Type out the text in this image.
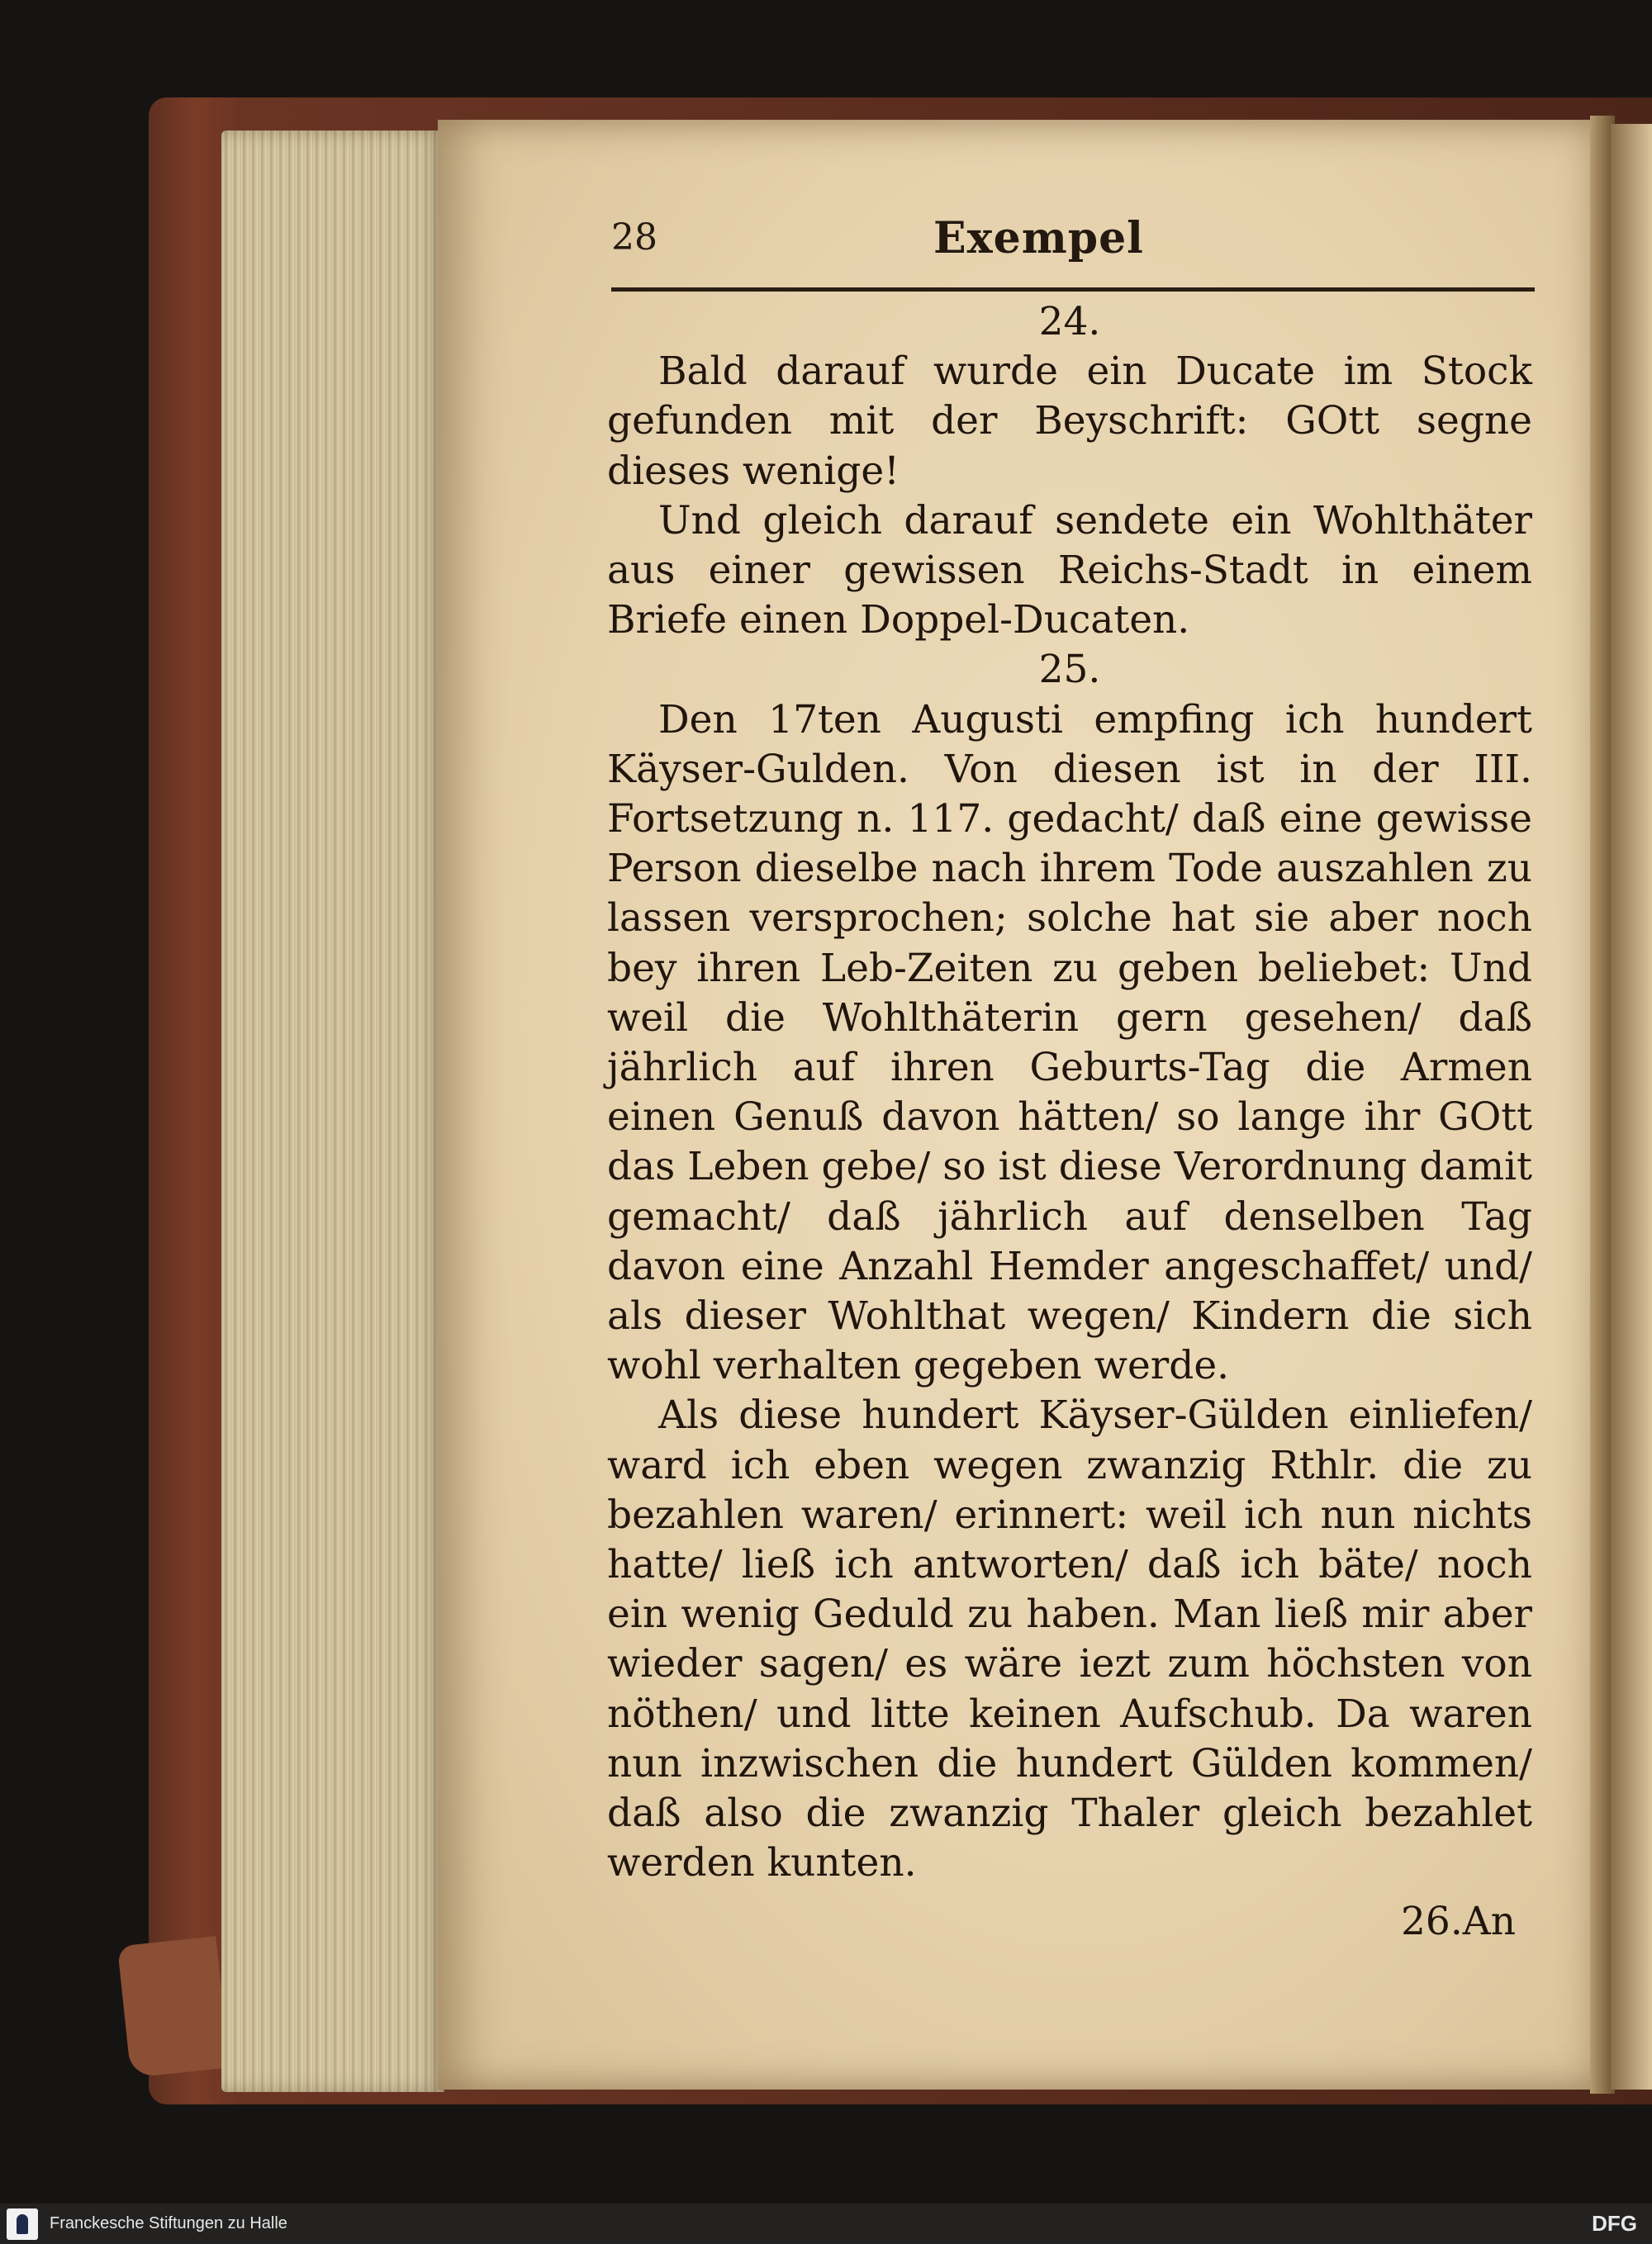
28	Exempel

24.

Bald darauf wurde ein Ducate im Stock gefunden mit der Beyschrift: GOtt segne dieses wenige!

Und gleich darauf sendete ein Wohlthäter aus einer gewissen Reichs-Stadt in einem Briefe einen Doppel-Ducaten.

25.

Den 17ten Augusti empfing ich hundert Käyser-Gulden. Von diesen ist in der III. Fortsetzung n. 117. gedacht/ daß eine gewisse Person dieselbe nach ihrem Tode auszahlen zu lassen versprochen; solche hat sie aber noch bey ihren Leb-Zeiten zu geben beliebet: Und weil die Wohlthäterin gern gesehen/ daß jährlich auf ihren Geburts-Tag die Armen einen Genuß davon hätten/ so lange ihr GOtt das Leben gebe/ so ist diese Verordnung damit gemacht/ daß jährlich auf denselben Tag davon eine Anzahl Hemder angeschaffet/ und/ als dieser Wohlthat wegen/ Kindern die sich wohl verhalten gegeben werde.

Als diese hundert Käyser-Gülden einliefen/ ward ich eben wegen zwanzig Rthlr. die zu bezahlen waren/ erinnert: weil ich nun nichts hatte/ ließ ich antworten/ daß ich bäte/ noch ein wenig Geduld zu haben. Man ließ mir aber wieder sagen/ es wäre iezt zum höchsten von nöthen/ und litte keinen Aufschub. Da waren nun inzwischen die hundert Gülden kommen/ daß also die zwanzig Thaler gleich bezahlet werden kunten.

26.An

Franckesche Stiftungen zu Halle	DFG
